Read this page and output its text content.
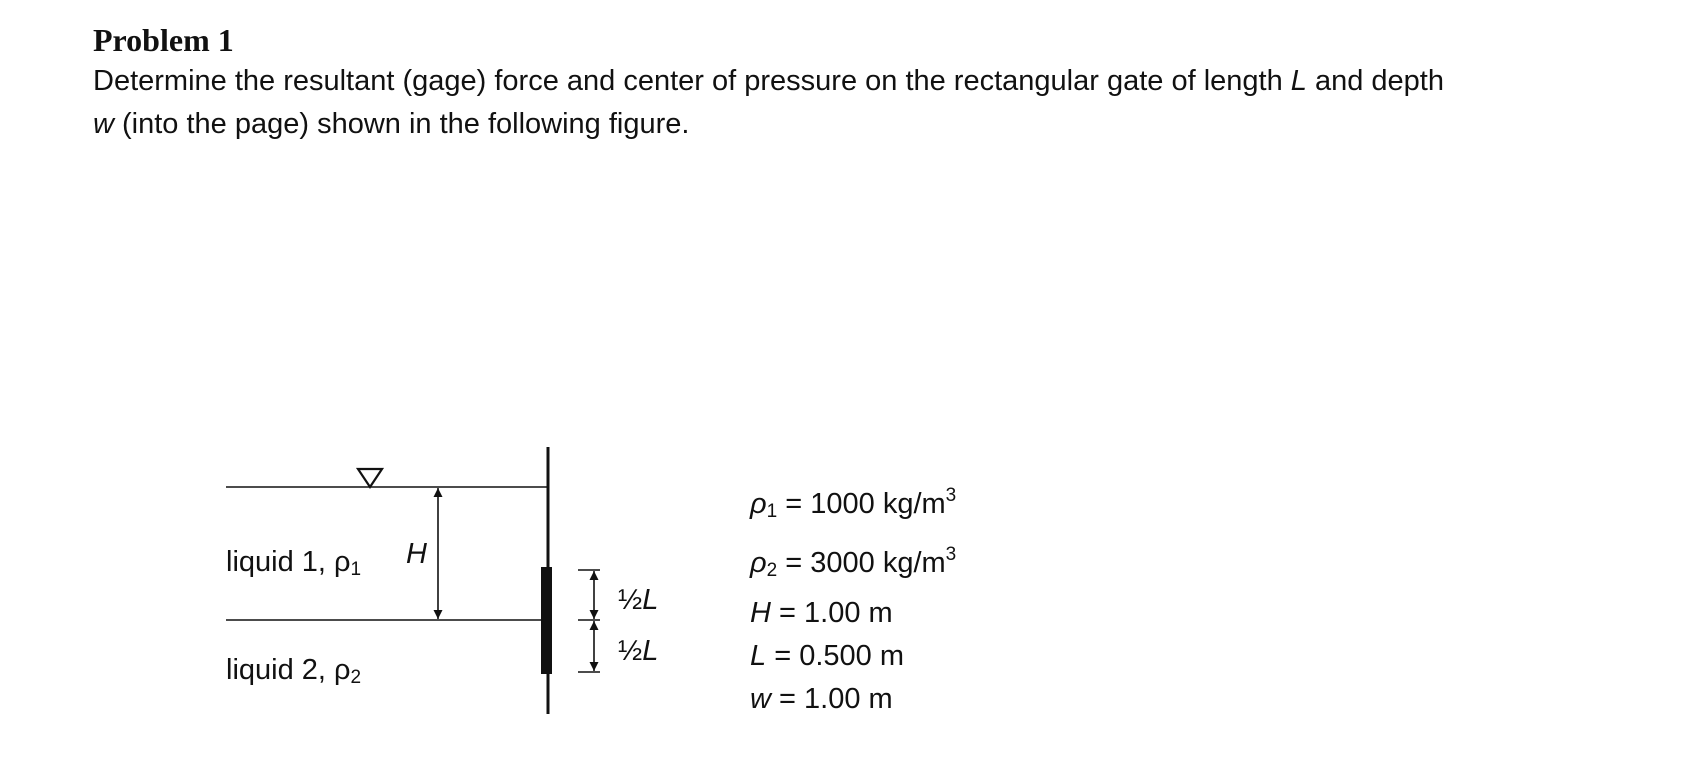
Problem 1
Determine the resultant (gage) force and center of pressure on the rectangular gate of length L and depth
w (into the page) shown in the following figure.
liquid 1, $\rho_1$ H
liquid 2, $\rho_2$
½L
½L
$\rho_1 = 1000$ $kg/m^3$
$\rho_2 = 3000$ $kg/m^3$
H = 1.00 m
L = 0.500 m
w = 1.00 m
